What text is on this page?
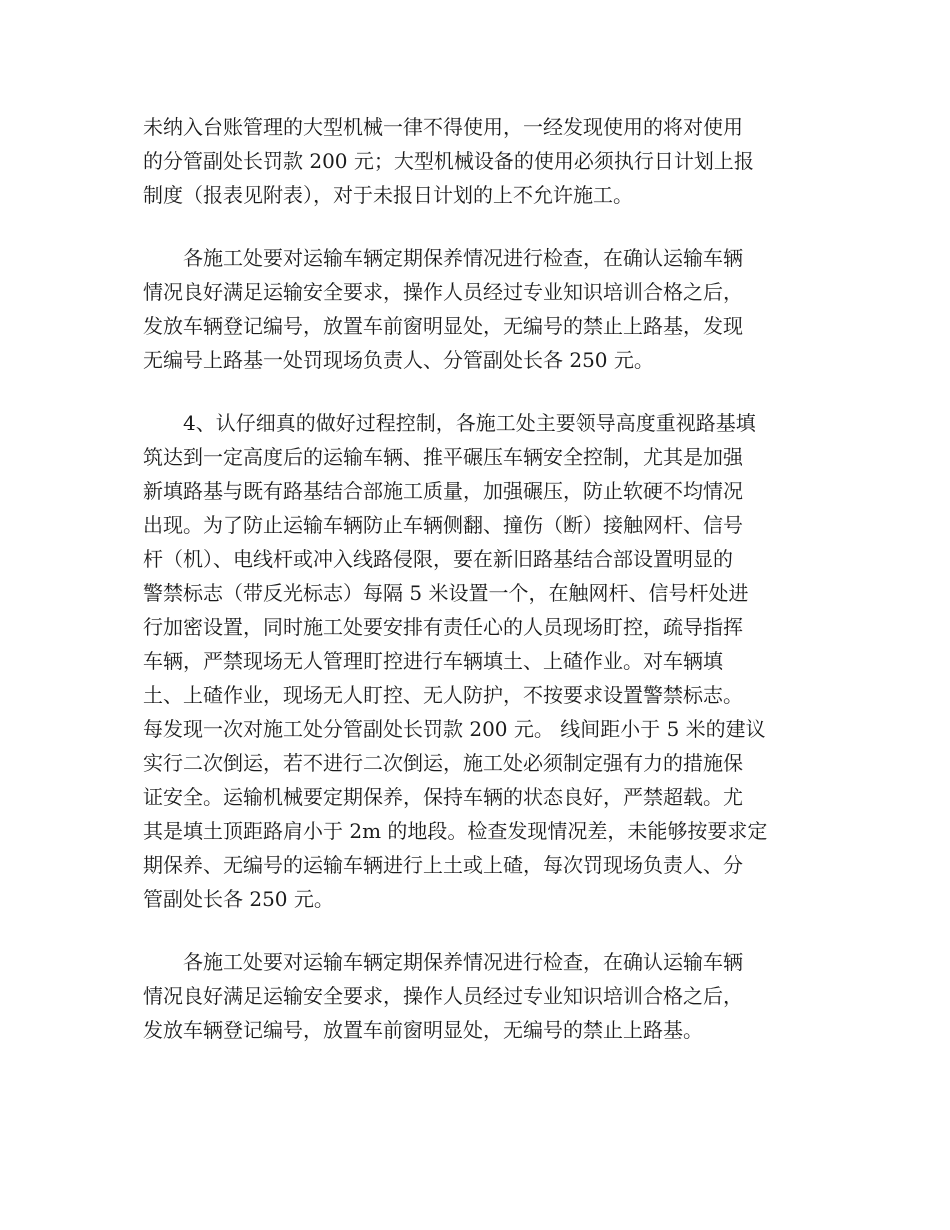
未纳入台账管理的大型机械一律不得使用，一经发现使用的将对使用
的分管副处长罚款 200 元；大型机械设备的使用必须执行日计划上报
制度（报表见附表），对于未报日计划的上不允许施工。
　　各施工处要对运输车辆定期保养情况进行检查，在确认运输车辆
情况良好满足运输安全要求，操作人员经过专业知识培训合格之后，
发放车辆登记编号，放置车前窗明显处，无编号的禁止上路基，发现
无编号上路基一处罚现场负责人、分管副处长各 250 元。
　　4、认仔细真的做好过程控制，各施工处主要领导高度重视路基填
筑达到一定高度后的运输车辆、推平碾压车辆安全控制，尤其是加强
新填路基与既有路基结合部施工质量，加强碾压，防止软硬不均情况
出现。为了防止运输车辆防止车辆侧翻、撞伤（断）接触网杆、信号
杆（机）、电线杆或冲入线路侵限，要在新旧路基结合部设置明显的
警禁标志（带反光标志）每隔 5 米设置一个，在触网杆、信号杆处进
行加密设置，同时施工处要安排有责任心的人员现场盯控，疏导指挥
车辆，严禁现场无人管理盯控进行车辆填土、上碴作业。对车辆填
土、上碴作业，现场无人盯控、无人防护，不按要求设置警禁标志。
每发现一次对施工处分管副处长罚款 200 元。 线间距小于 5 米的建议
实行二次倒运，若不进行二次倒运，施工处必须制定强有力的措施保
证安全。运输机械要定期保养，保持车辆的状态良好，严禁超载。尤
其是填土顶距路肩小于 2m 的地段。检查发现情况差，未能够按要求定
期保养、无编号的运输车辆进行上土或上碴，每次罚现场负责人、分
管副处长各 250 元。
　　各施工处要对运输车辆定期保养情况进行检查，在确认运输车辆
情况良好满足运输安全要求，操作人员经过专业知识培训合格之后，
发放车辆登记编号，放置车前窗明显处，无编号的禁止上路基。
